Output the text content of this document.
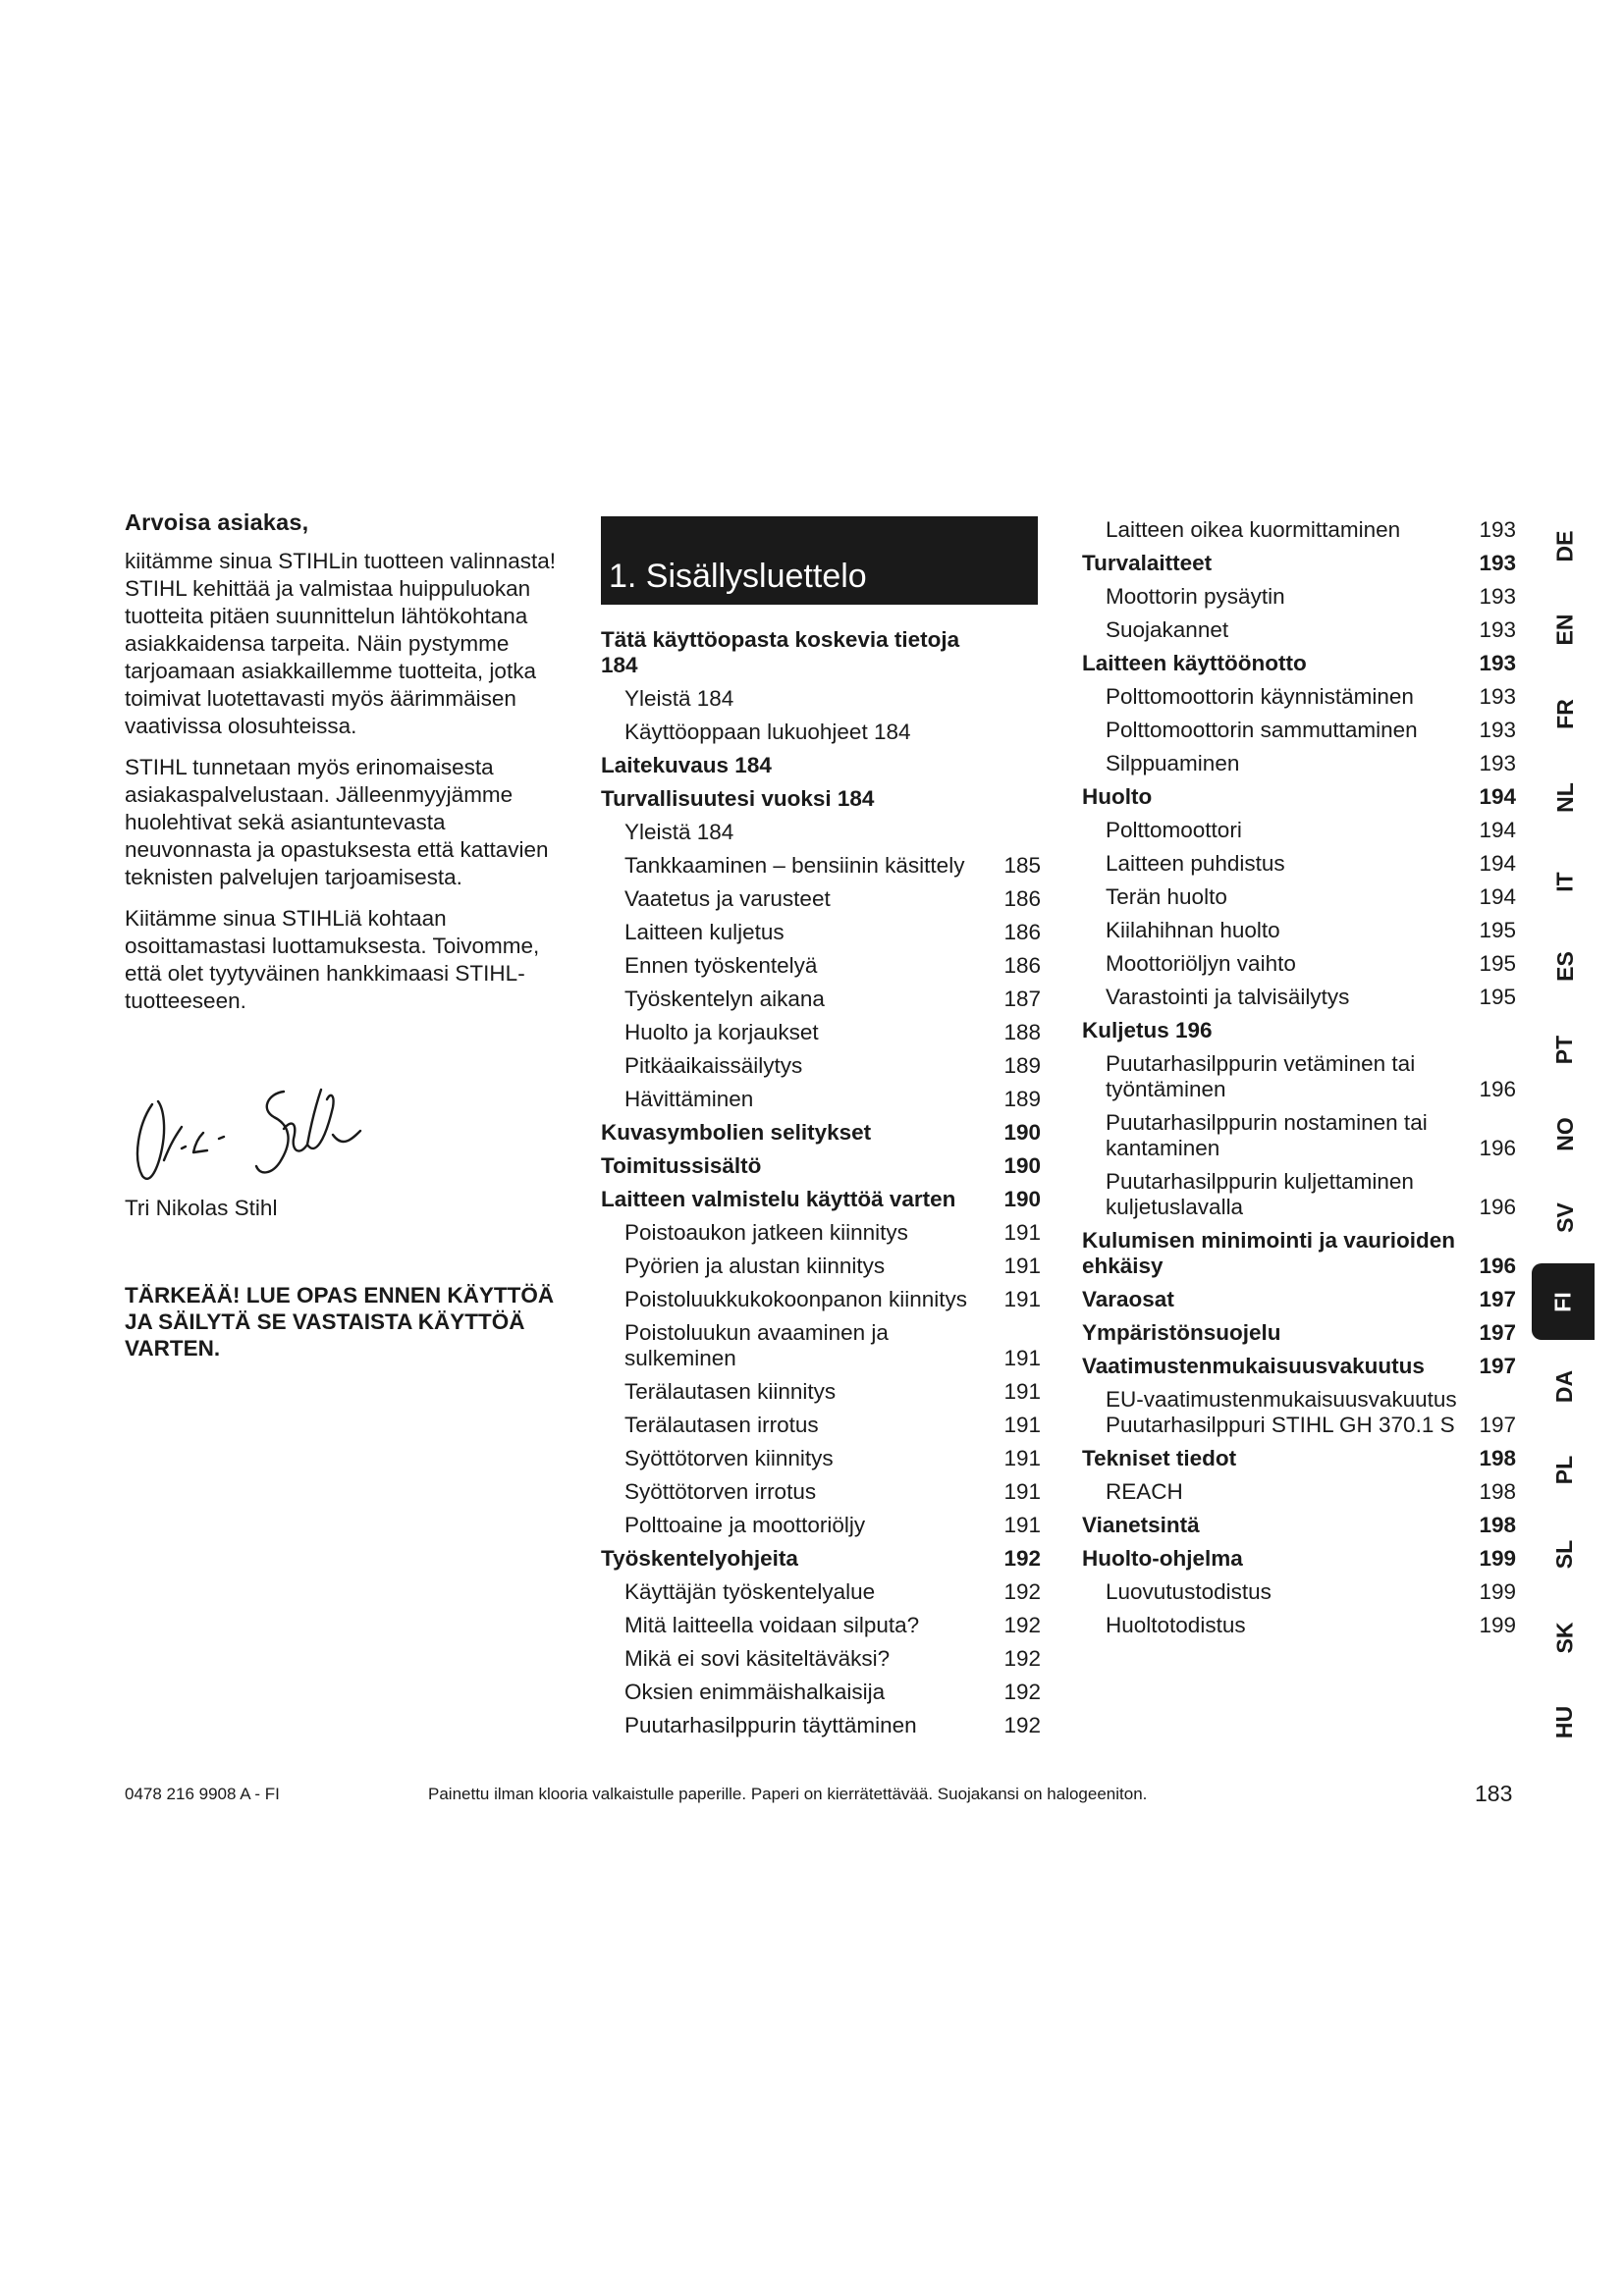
Arvoisa asiakas,

kiitämme sinua STIHLin tuotteen valinnasta! STIHL kehittää ja valmistaa huippuluokan tuotteita pitäen suunnittelun lähtökohtana asiakkaidensa tarpeita. Näin pystymme tarjoamaan asiakkaillemme tuotteita, jotka toimivat luotettavasti myös äärimmäisen vaativissa olosuhteissa.

STIHL tunnetaan myös erinomaisesta asiakaspalvelustaan. Jälleenmyyjämme huolehtivat sekä asiantuntevasta neuvonnasta ja opastuksesta että kattavien teknisten palvelujen tarjoamisesta.

Kiitämme sinua STIHLiä kohtaan osoittamastasi luottamuksesta. Toivomme, että olet tyytyväinen hankkimaasi STIHL-tuotteeseen.

Tri Nikolas Stihl

TÄRKEÄÄ! LUE OPAS ENNEN KÄYTTÖÄ JA SÄILYTÄ SE VASTAISTA KÄYTTÖÄ VARTEN.

1. Sisällysluettelo
Tätä käyttöopasta koskevia tietoja 184
Yleistä 184
Käyttöoppaan lukuohjeet 184
Laitekuvaus 184
Turvallisuutesi vuoksi 184
Yleistä 184
Tankkaaminen – bensiinin käsittely	185
Vaatetus ja varusteet	186
Laitteen kuljetus	186
Ennen työskentelyä	186
Työskentelyn aikana	187
Huolto ja korjaukset	188
Pitkäaikaissäilytys	189
Hävittäminen	189
Kuvasymbolien selitykset	190
Toimitussisältö	190
Laitteen valmistelu käyttöä varten	190
Poistoaukon jatkeen kiinnitys	191
Pyörien ja alustan kiinnitys	191
Poistoluukkukokoonpanon kiinnitys	191
Poistoluukun avaaminen ja sulkeminen	191
Terälautasen kiinnitys	191
Terälautasen irrotus	191
Syöttötorven kiinnitys	191
Syöttötorven irrotus	191
Polttoaine ja moottoriöljy	191
Työskentelyohjeita	192
Käyttäjän työskentelyalue	192
Mitä laitteella voidaan silputa?	192
Mikä ei sovi käsiteltäväksi?	192
Oksien enimmäishalkaisija	192
Puutarhasilppurin täyttäminen	192
Laitteen oikea kuormittaminen	193
Turvalaitteet	193
Moottorin pysäytin	193
Suojakannet	193
Laitteen käyttöönotto	193
Polttomoottorin käynnistäminen	193
Polttomoottorin sammuttaminen	193
Silppuaminen	193
Huolto	194
Polttomoottori	194
Laitteen puhdistus	194
Terän huolto	194
Kiilahihnan huolto	195
Moottoriöljyn vaihto	195
Varastointi ja talvisäilytys	195
Kuljetus 196
Puutarhasilppurin vetäminen tai työntäminen	196
Puutarhasilppurin nostaminen tai kantaminen	196
Puutarhasilppurin kuljettaminen kuljetuslavalla	196
Kulumisen minimointi ja vaurioiden ehkäisy	196
Varaosat	197
Ympäristönsuojelu	197
Vaatimustenmukaisuusvakuutus	197
EU-vaatimustenmukaisuusvakuutus Puutarhasilppuri STIHL GH 370.1 S	197
Tekniset tiedot	198
REACH	198
Vianetsintä	198
Huolto-ohjelma	199
Luovutustodistus	199
Huoltotodistus	199
DE
EN
FR
NL
IT
ES
PT
NO
SV
FI
DA
PL
SL
SK
HU
0478 216 9908 A - FI	Painettu ilman klooria valkaistulle paperille. Paperi on kierrätettävää. Suojakansi on halogeeniton.	183
